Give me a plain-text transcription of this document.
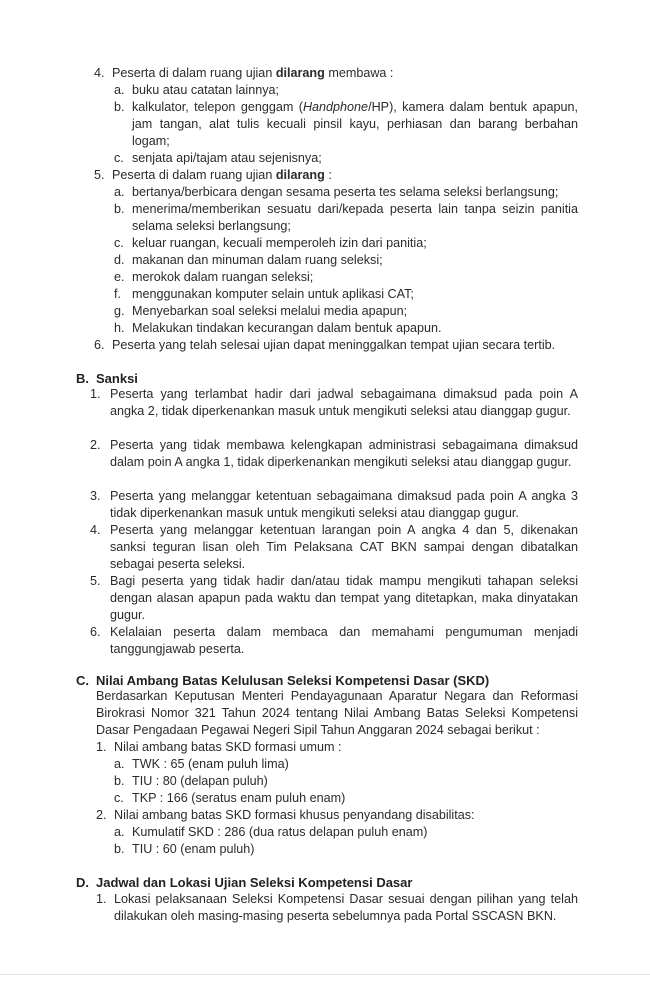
4. Peserta di dalam ruang ujian dilarang membawa :
a. buku atau catatan lainnya;
b. kalkulator, telepon genggam (Handphone/HP), kamera dalam bentuk apapun, jam tangan, alat tulis kecuali pinsil kayu, perhiasan dan barang berbahan logam;
c. senjata api/tajam atau sejenisnya;
5. Peserta di dalam ruang ujian dilarang :
a. bertanya/berbicara dengan sesama peserta tes selama seleksi berlangsung;
b. menerima/memberikan sesuatu dari/kepada peserta lain tanpa seizin panitia selama seleksi berlangsung;
c. keluar ruangan, kecuali memperoleh izin dari panitia;
d. makanan dan minuman dalam ruang seleksi;
e. merokok dalam ruangan seleksi;
f. menggunakan komputer selain untuk aplikasi CAT;
g. Menyebarkan soal seleksi melalui media apapun;
h. Melakukan tindakan kecurangan dalam bentuk apapun.
6. Peserta yang telah selesai ujian dapat meninggalkan tempat ujian secara tertib.
B. Sanksi
1. Peserta yang terlambat hadir dari jadwal sebagaimana dimaksud pada poin A angka 2, tidak diperkenankan masuk untuk mengikuti seleksi atau dianggap gugur.
2. Peserta yang tidak membawa kelengkapan administrasi sebagaimana dimaksud dalam poin A angka 1, tidak diperkenankan mengikuti seleksi atau dianggap gugur.
3. Peserta yang melanggar ketentuan sebagaimana dimaksud pada poin A angka 3 tidak diperkenankan masuk untuk mengikuti seleksi atau dianggap gugur.
4. Peserta yang melanggar ketentuan larangan poin A angka 4 dan 5, dikenakan sanksi teguran lisan oleh Tim Pelaksana CAT BKN sampai dengan dibatalkan sebagai peserta seleksi.
5. Bagi peserta yang tidak hadir dan/atau tidak mampu mengikuti tahapan seleksi dengan alasan apapun pada waktu dan tempat yang ditetapkan, maka dinyatakan gugur.
6. Kelalaian peserta dalam membaca dan memahami pengumuman menjadi tanggungjawab peserta.
C. Nilai Ambang Batas Kelulusan Seleksi Kompetensi Dasar (SKD)
Berdasarkan Keputusan Menteri Pendayagunaan Aparatur Negara dan Reformasi Birokrasi Nomor 321 Tahun 2024 tentang Nilai Ambang Batas Seleksi Kompetensi Dasar Pengadaan Pegawai Negeri Sipil Tahun Anggaran 2024 sebagai berikut :
1. Nilai ambang batas SKD formasi umum :
a. TWK : 65 (enam puluh lima)
b. TIU : 80 (delapan puluh)
c. TKP : 166 (seratus enam puluh enam)
2. Nilai ambang batas SKD formasi khusus penyandang disabilitas:
a. Kumulatif SKD : 286 (dua ratus delapan puluh enam)
b. TIU : 60 (enam puluh)
D. Jadwal dan Lokasi Ujian Seleksi Kompetensi Dasar
1. Lokasi pelaksanaan Seleksi Kompetensi Dasar sesuai dengan pilihan yang telah dilakukan oleh masing-masing peserta sebelumnya pada Portal SSCASN BKN.
